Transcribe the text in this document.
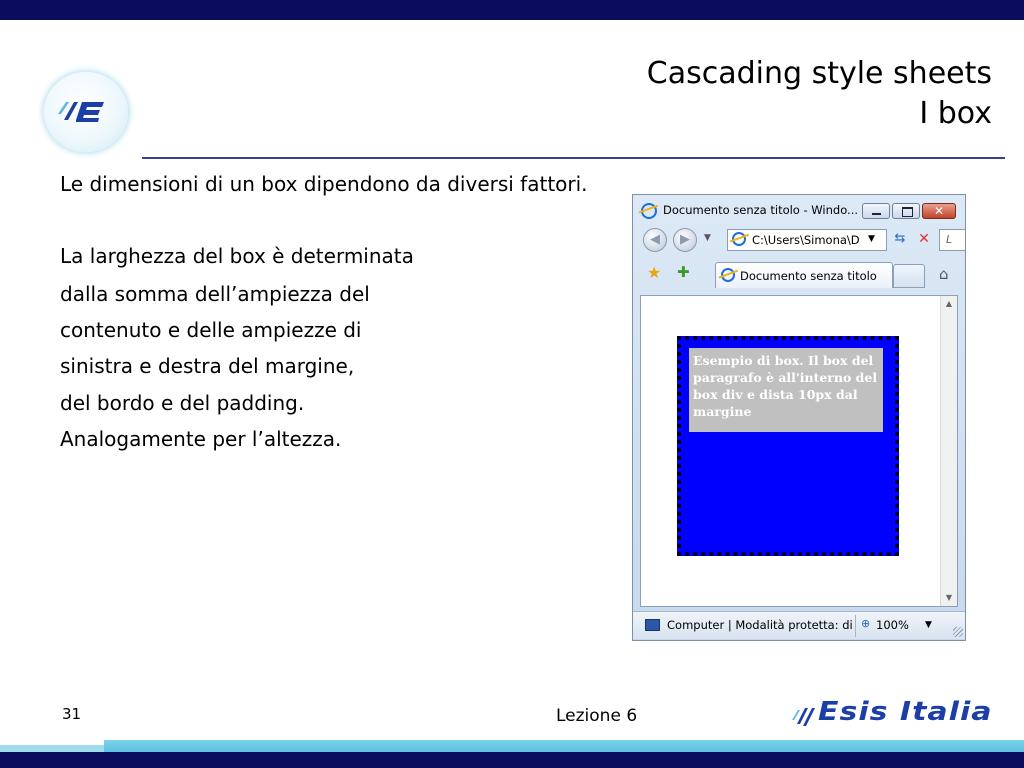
Cascading style sheets
I box
Le dimensioni di un box dipendono da diversi fattori.
La larghezza del box è determinata
dalla somma dell’ampiezza del
contenuto e delle ampiezze di
sinistra e destra del margine,
del bordo e del padding.
Analogamente per l’altezza.
Documento senza titolo - Windo...	✕
◀	▶	▼	C:\Users\Simona\D ▼	⇆ ✕	L
★ ✚	Documento senza titolo	⌂
Esempio di box. Il box del paragrafo è all'interno del box div e dista 10px dal margine
▲
▼
Computer | Modalità protetta: di ⊕ 100% ▼
31	Lezione 6	Esis Italia
